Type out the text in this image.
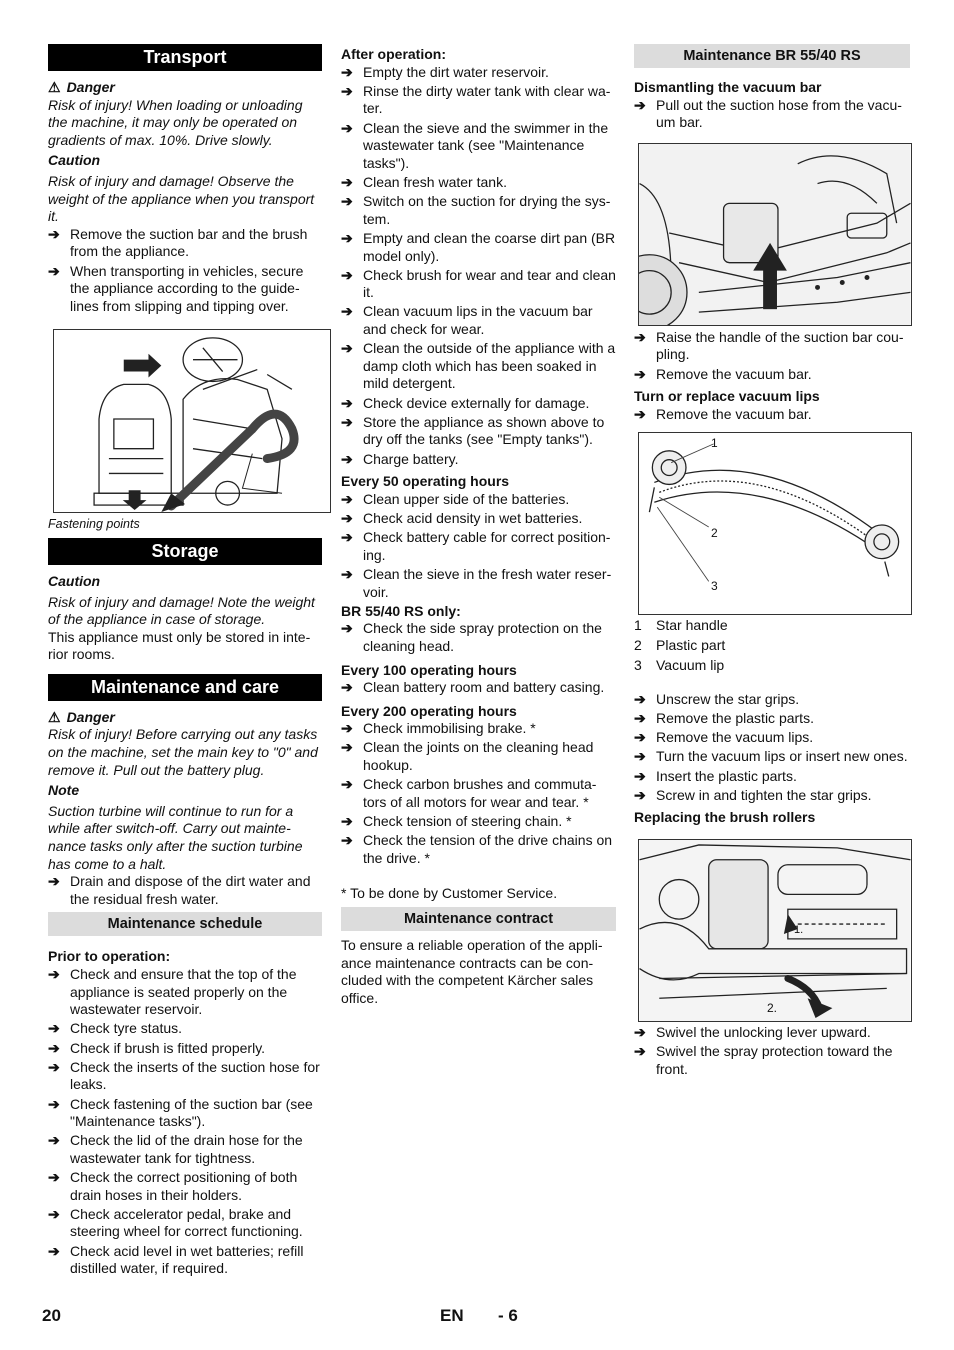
Transport

⚠ Danger

Risk of injury! When loading or unloading the machine, it may only be operated on gradients of max. 10%. Drive slowly.

Caution

Risk of injury and damage! Observe the weight of the appliance when you transport it.

➔ Remove the suction bar and the brush from the appliance.
➔ When transporting in vehicles, secure the appliance according to the guide-lines from slipping and tipping over.

Fastening points

Storage

Caution

Risk of injury and damage! Note the weight of the appliance in case of storage.

This appliance must only be stored in inte-rior rooms.

Maintenance and care

⚠ Danger

Risk of injury! Before carrying out any tasks on the machine, set the main key to "0" and remove it. Pull out the battery plug.

Note

Suction turbine will continue to run for a while after switch-off. Carry out mainte-nance tasks only after the suction turbine has come to a halt.

➔ Drain and dispose of the dirt water and the residual fresh water.
Maintenance schedule

Prior to operation:

➔ Check and ensure that the top of the appliance is seated properly on the wastewater reservoir.
➔ Check tyre status.
➔ Check if brush is fitted properly.
➔ Check the inserts of the suction hose for leaks.
➔ Check fastening of the suction bar (see "Maintenance tasks").
➔ Check the lid of the drain hose for the wastewater tank for tightness.
➔ Check the correct positioning of both drain hoses in their holders.
➔ Check accelerator pedal, brake and steering wheel for correct functioning.
➔ Check acid level in wet batteries; refill distilled water, if required.

After operation:

➔ Empty the dirt water reservoir.
➔ Rinse the dirty water tank with clear wa-ter.
➔ Clean the sieve and the swimmer in the wastewater tank (see "Maintenance tasks").
➔ Clean fresh water tank.
➔ Switch on the suction for drying the sys-tem.
➔ Empty and clean the coarse dirt pan (BR model only).
➔ Check brush for wear and tear and clean it.
➔ Clean vacuum lips in the vacuum bar and check for wear.
➔ Clean the outside of the appliance with a damp cloth which has been soaked in mild detergent.
➔ Check device externally for damage.
➔ Store the appliance as shown above to dry off the tanks (see "Empty tanks").
➔ Charge battery.

Every 50 operating hours

➔ Clean upper side of the batteries.
➔ Check acid density in wet batteries.
➔ Check battery cable for correct position-ing.
➔ Clean the sieve in the fresh water reser-voir.

BR 55/40 RS only:

➔ Check the side spray protection on the cleaning head.

Every 100 operating hours

➔ Clean battery room and battery casing.

Every 200 operating hours

➔ Check immobilising brake. *
➔ Clean the joints on the cleaning head hookup.
➔ Check carbon brushes and commuta-tors of all motors for wear and tear. *
➔ Check tension of steering chain. *
➔ Check the tension of the drive chains on the drive. *

* To be done by Customer Service.

Maintenance contract

To ensure a reliable operation of the appli-ance maintenance contracts can be con-cluded with the competent Kärcher sales office.

Maintenance BR 55/40 RS

Dismantling the vacuum bar

➔ Pull out the suction hose from the vacu-um bar.
➔ Raise the handle of the suction bar cou-pling.
➔ Remove the vacuum bar.

Turn or replace vacuum lips

➔ Remove the vacuum bar.
1
2
3
1 Star handle
2 Plastic part
3 Vacuum lip
➔ Unscrew the star grips.
➔ Remove the plastic parts.
➔ Remove the vacuum lips.
➔ Turn the vacuum lips or insert new ones.
➔ Insert the plastic parts.
➔ Screw in and tighten the star grips.

Replacing the brush rollers

1.
2.
➔ Swivel the unlocking lever upward.
➔ Swivel the spray protection toward the front.
20	EN - 6
